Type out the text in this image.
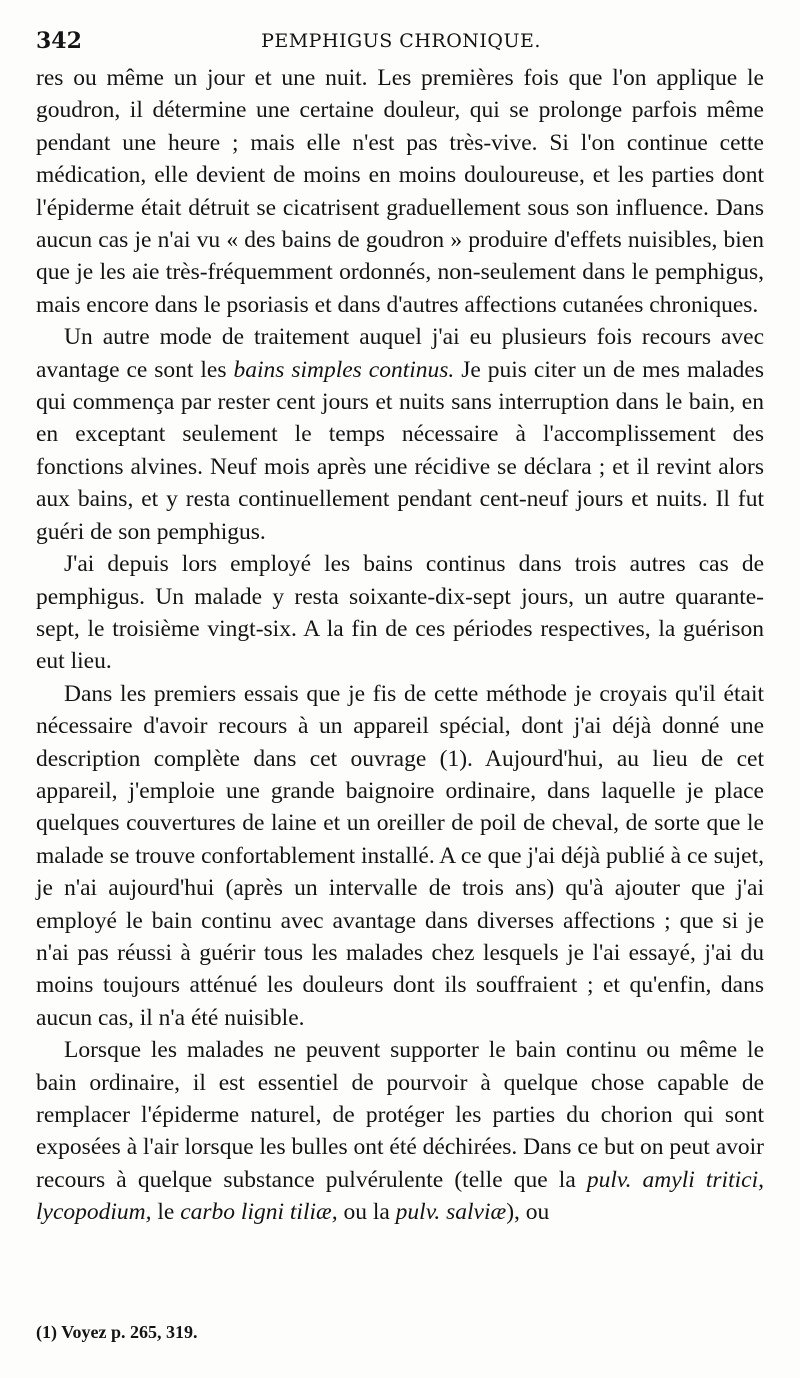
342	PEMPHIGUS CHRONIQUE.

res ou même un jour et une nuit. Les premières fois que l'on applique le goudron, il détermine une certaine douleur, qui se prolonge parfois même pendant une heure ; mais elle n'est pas très-vive. Si l'on continue cette médication, elle devient de moins en moins douloureuse, et les parties dont l'épiderme était détruit se cicatrisent graduellement sous son influence. Dans aucun cas je n'ai vu « des bains de goudron » produire d'effets nuisibles, bien que je les aie très-fréquemment ordonnés, non-seulement dans le pemphigus, mais encore dans le psoriasis et dans d'autres affections cutanées chroniques.

Un autre mode de traitement auquel j'ai eu plusieurs fois recours avec avantage ce sont les bains simples continus. Je puis citer un de mes malades qui commença par rester cent jours et nuits sans interruption dans le bain, en en exceptant seulement le temps nécessaire à l'accomplissement des fonctions alvines. Neuf mois après une récidive se déclara ; et il revint alors aux bains, et y resta continuellement pendant cent-neuf jours et nuits. Il fut guéri de son pemphigus.

J'ai depuis lors employé les bains continus dans trois autres cas de pemphigus. Un malade y resta soixante-dix-sept jours, un autre quarante-sept, le troisième vingt-six. A la fin de ces périodes respectives, la guérison eut lieu.

Dans les premiers essais que je fis de cette méthode je croyais qu'il était nécessaire d'avoir recours à un appareil spécial, dont j'ai déjà donné une description complète dans cet ouvrage (1). Aujourd'hui, au lieu de cet appareil, j'emploie une grande baignoire ordinaire, dans laquelle je place quelques couvertures de laine et un oreiller de poil de cheval, de sorte que le malade se trouve confortablement installé. A ce que j'ai déjà publié à ce sujet, je n'ai aujourd'hui (après un intervalle de trois ans) qu'à ajouter que j'ai employé le bain continu avec avantage dans diverses affections ; que si je n'ai pas réussi à guérir tous les malades chez lesquels je l'ai essayé, j'ai du moins toujours atténué les douleurs dont ils souffraient ; et qu'enfin, dans aucun cas, il n'a été nuisible.

Lorsque les malades ne peuvent supporter le bain continu ou même le bain ordinaire, il est essentiel de pourvoir à quelque chose capable de remplacer l'épiderme naturel, de protéger les parties du chorion qui sont exposées à l'air lorsque les bulles ont été déchirées. Dans ce but on peut avoir recours à quelque substance pulvérulente (telle que la pulv. amyli tritici, lycopodium, le carbo ligni tiliæ, ou la pulv. salviæ), ou

(1) Voyez p. 265, 319.
